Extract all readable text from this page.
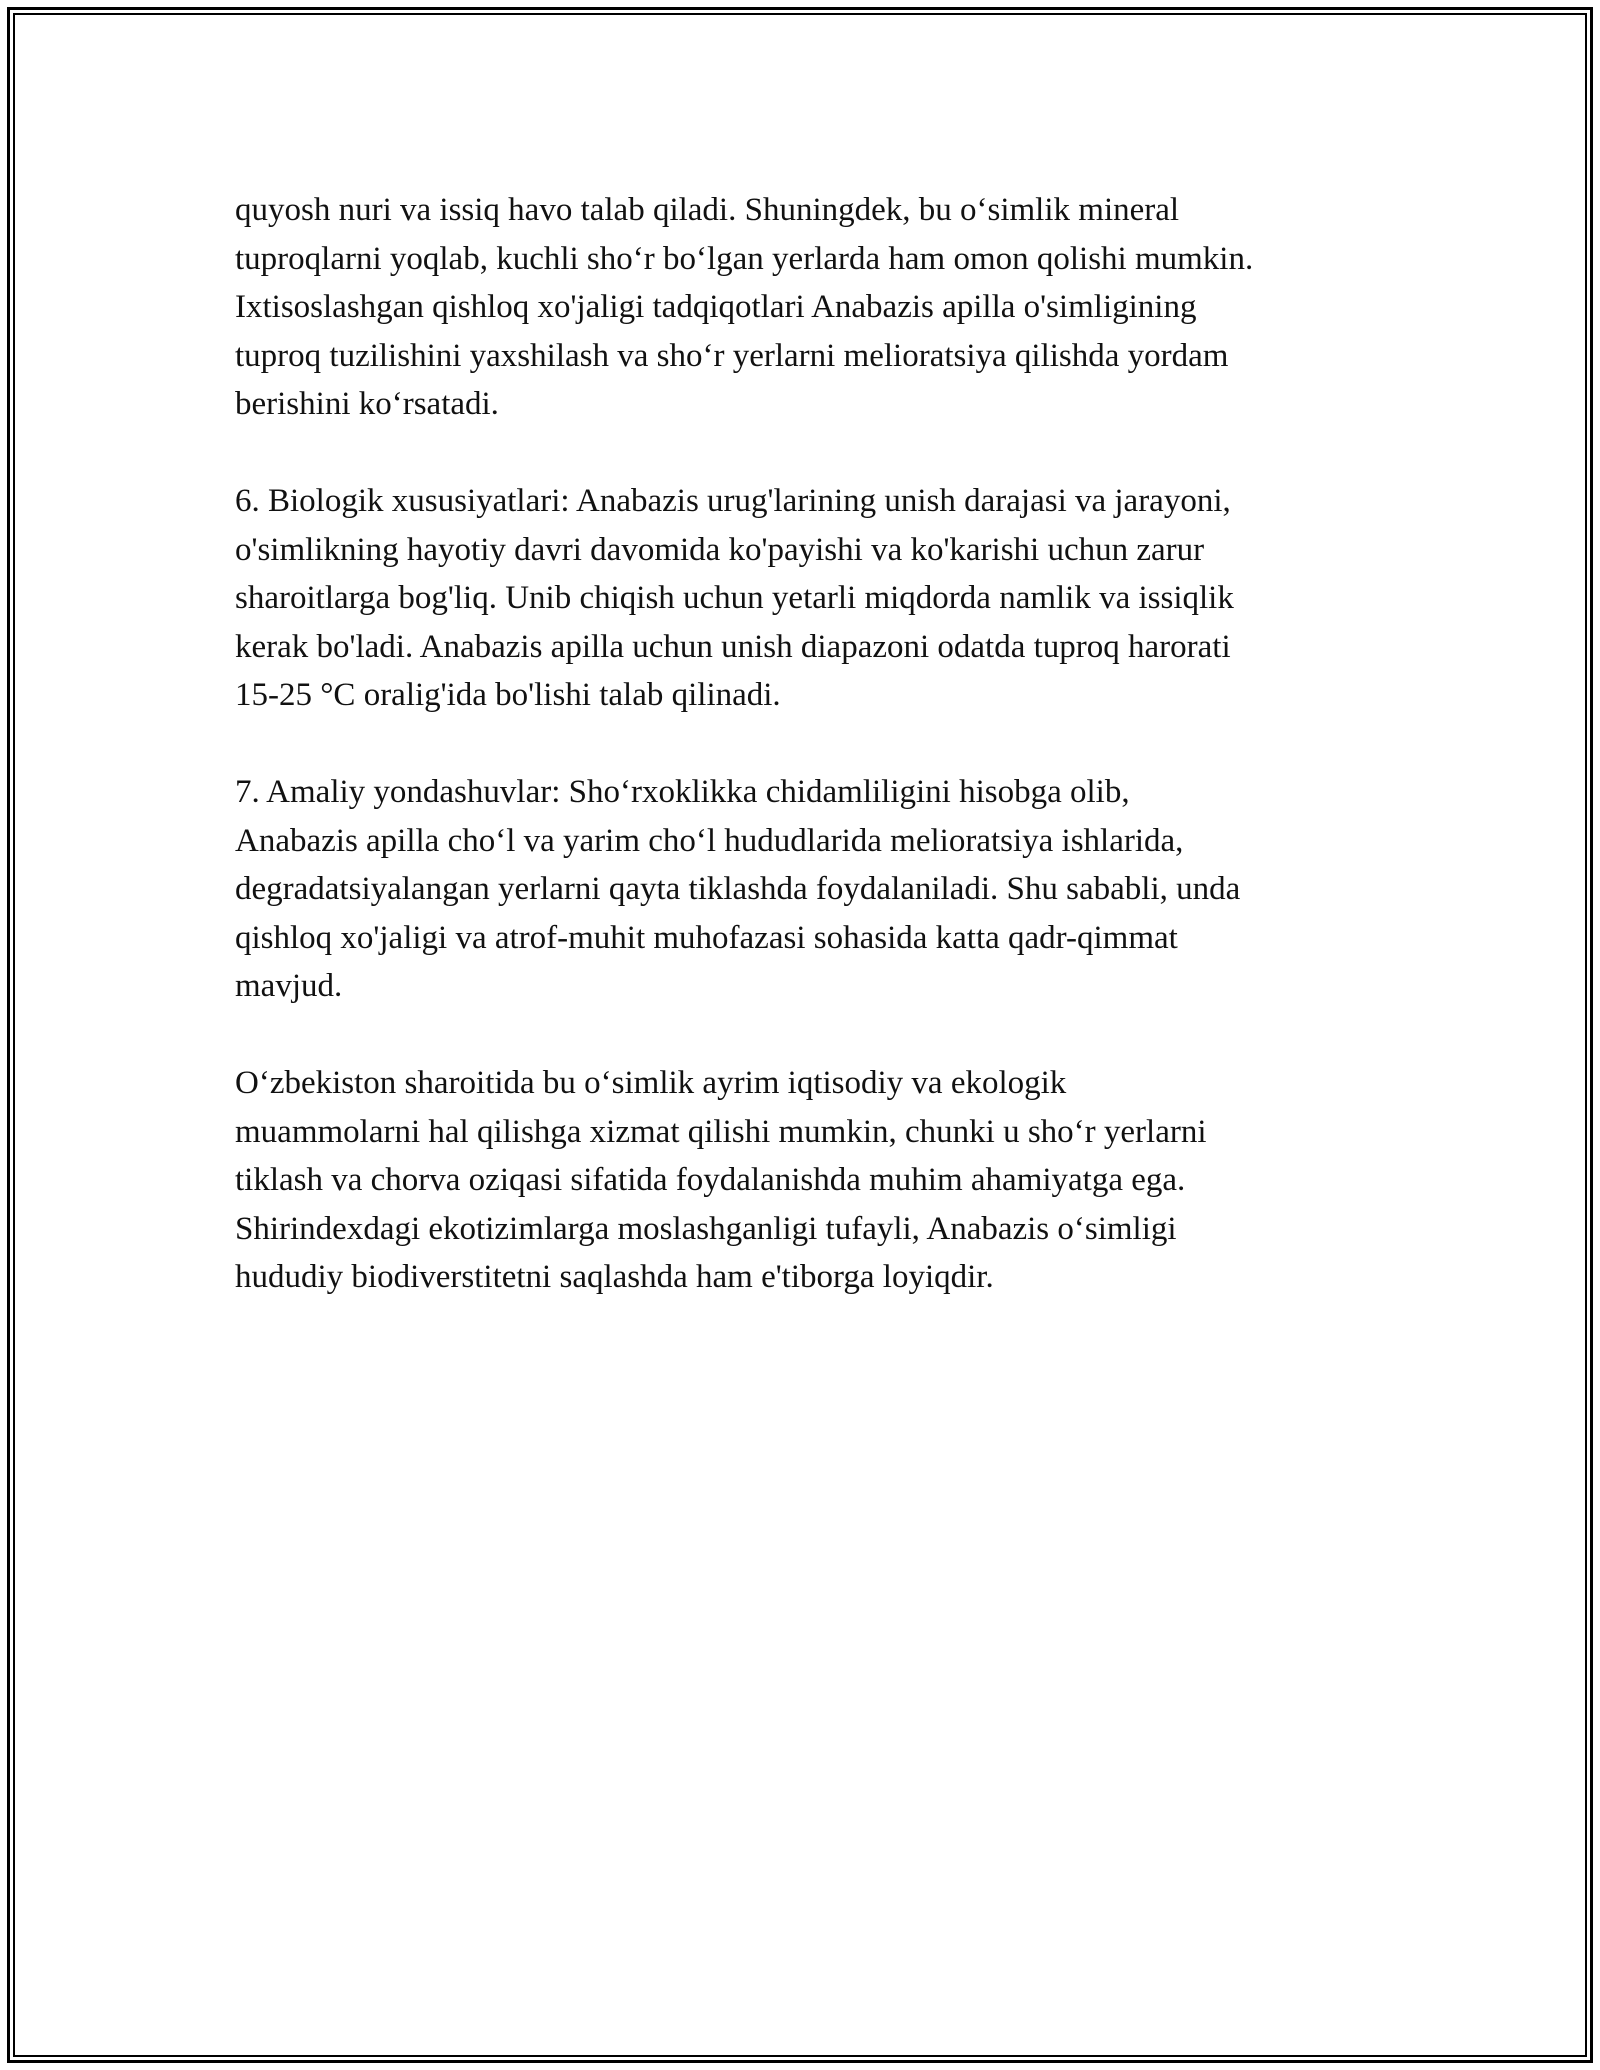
quyosh nuri va issiq havo talab qiladi. Shuningdek, bu oʻsimlik mineral
tuproqlarni yoqlab, kuchli shoʻr boʻlgan yerlarda ham omon qolishi mumkin.
Ixtisoslashgan qishloq xo'jaligi tadqiqotlari Anabazis apilla o'simligining
tuproq tuzilishini yaxshilash va shoʻr yerlarni melioratsiya qilishda yordam
berishini koʻrsatadi.

6. Biologik xususiyatlari: Anabazis urug'larining unish darajasi va jarayoni,
o'simlikning hayotiy davri davomida ko'payishi va ko'karishi uchun zarur
sharoitlarga bog'liq. Unib chiqish uchun yetarli miqdorda namlik va issiqlik
kerak bo'ladi. Anabazis apilla uchun unish diapazoni odatda tuproq harorati
15-25 °C oralig'ida bo'lishi talab qilinadi.

7. Amaliy yondashuvlar: Shoʻrxoklikka chidamliligini hisobga olib,
Anabazis apilla choʻl va yarim choʻl hududlarida melioratsiya ishlarida,
degradatsiyalangan yerlarni qayta tiklashda foydalaniladi. Shu sababli, unda
qishloq xo'jaligi va atrof-muhit muhofazasi sohasida katta qadr-qimmat
mavjud.

Oʻzbekiston sharoitida bu oʻsimlik ayrim iqtisodiy va ekologik
muammolarni hal qilishga xizmat qilishi mumkin, chunki u shoʻr yerlarni
tiklash va chorva oziqasi sifatida foydalanishda muhim ahamiyatga ega.
Shirindexdagi ekotizimlarga moslashganligi tufayli, Anabazis oʻsimligi
hududiy biodiverstitetni saqlashda ham e'tiborga loyiqdir.
